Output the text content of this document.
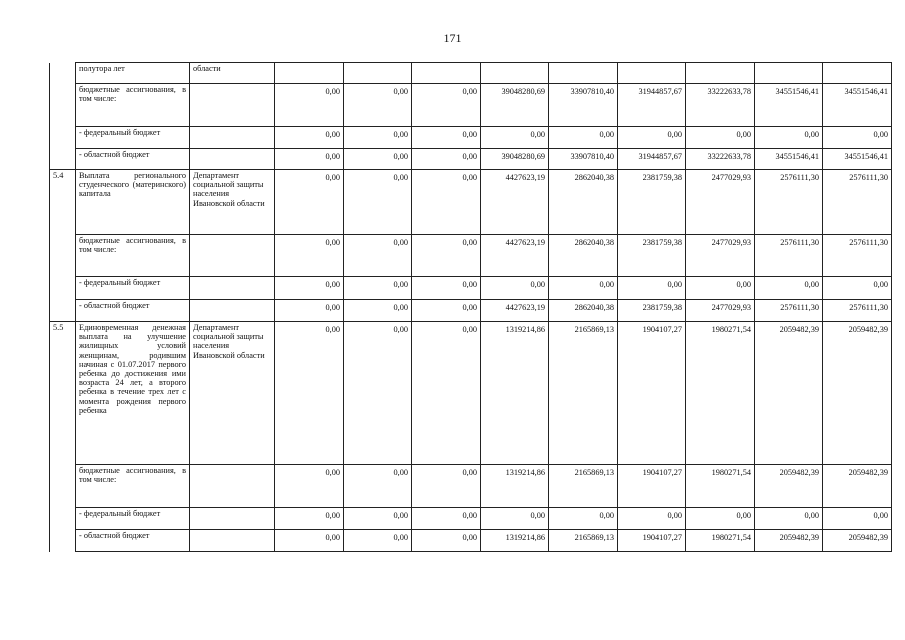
171
	полутора лет	области									
	бюджетные ассигнования, в том числе:		0,00	0,00	0,00	39048280,69	33907810,40	31944857,67	33222633,78	34551546,41	34551546,41
	- федеральный бюджет		0,00	0,00	0,00	0,00	0,00	0,00	0,00	0,00	0,00
	- областной бюджет		0,00	0,00	0,00	39048280,69	33907810,40	31944857,67	33222633,78	34551546,41	34551546,41
5.4	Выплата регионального студенческого (материнского) капитала	Департамент социальной защиты населения Ивановской области	0,00	0,00	0,00	4427623,19	2862040,38	2381759,38	2477029,93	2576111,30	2576111,30
	бюджетные ассигнования, в том числе:		0,00	0,00	0,00	4427623,19	2862040,38	2381759,38	2477029,93	2576111,30	2576111,30
	- федеральный бюджет		0,00	0,00	0,00	0,00	0,00	0,00	0,00	0,00	0,00
	- областной бюджет		0,00	0,00	0,00	4427623,19	2862040,38	2381759,38	2477029,93	2576111,30	2576111,30
5.5	Единовременная денежная выплата на улучшение жилищных условий женщинам, родившим начиная с 01.07.2017 первого ребенка до достижения ими возраста 24 лет, а второго ребенка в течение трех лет с момента рождения первого ребенка	Департамент социальной защиты населения Ивановской области	0,00	0,00	0,00	1319214,86	2165869,13	1904107,27	1980271,54	2059482,39	2059482,39
	бюджетные ассигнования, в том числе:		0,00	0,00	0,00	1319214,86	2165869,13	1904107,27	1980271,54	2059482,39	2059482,39
	- федеральный бюджет		0,00	0,00	0,00	0,00	0,00	0,00	0,00	0,00	0,00
	- областной бюджет		0,00	0,00	0,00	1319214,86	2165869,13	1904107,27	1980271,54	2059482,39	2059482,39
